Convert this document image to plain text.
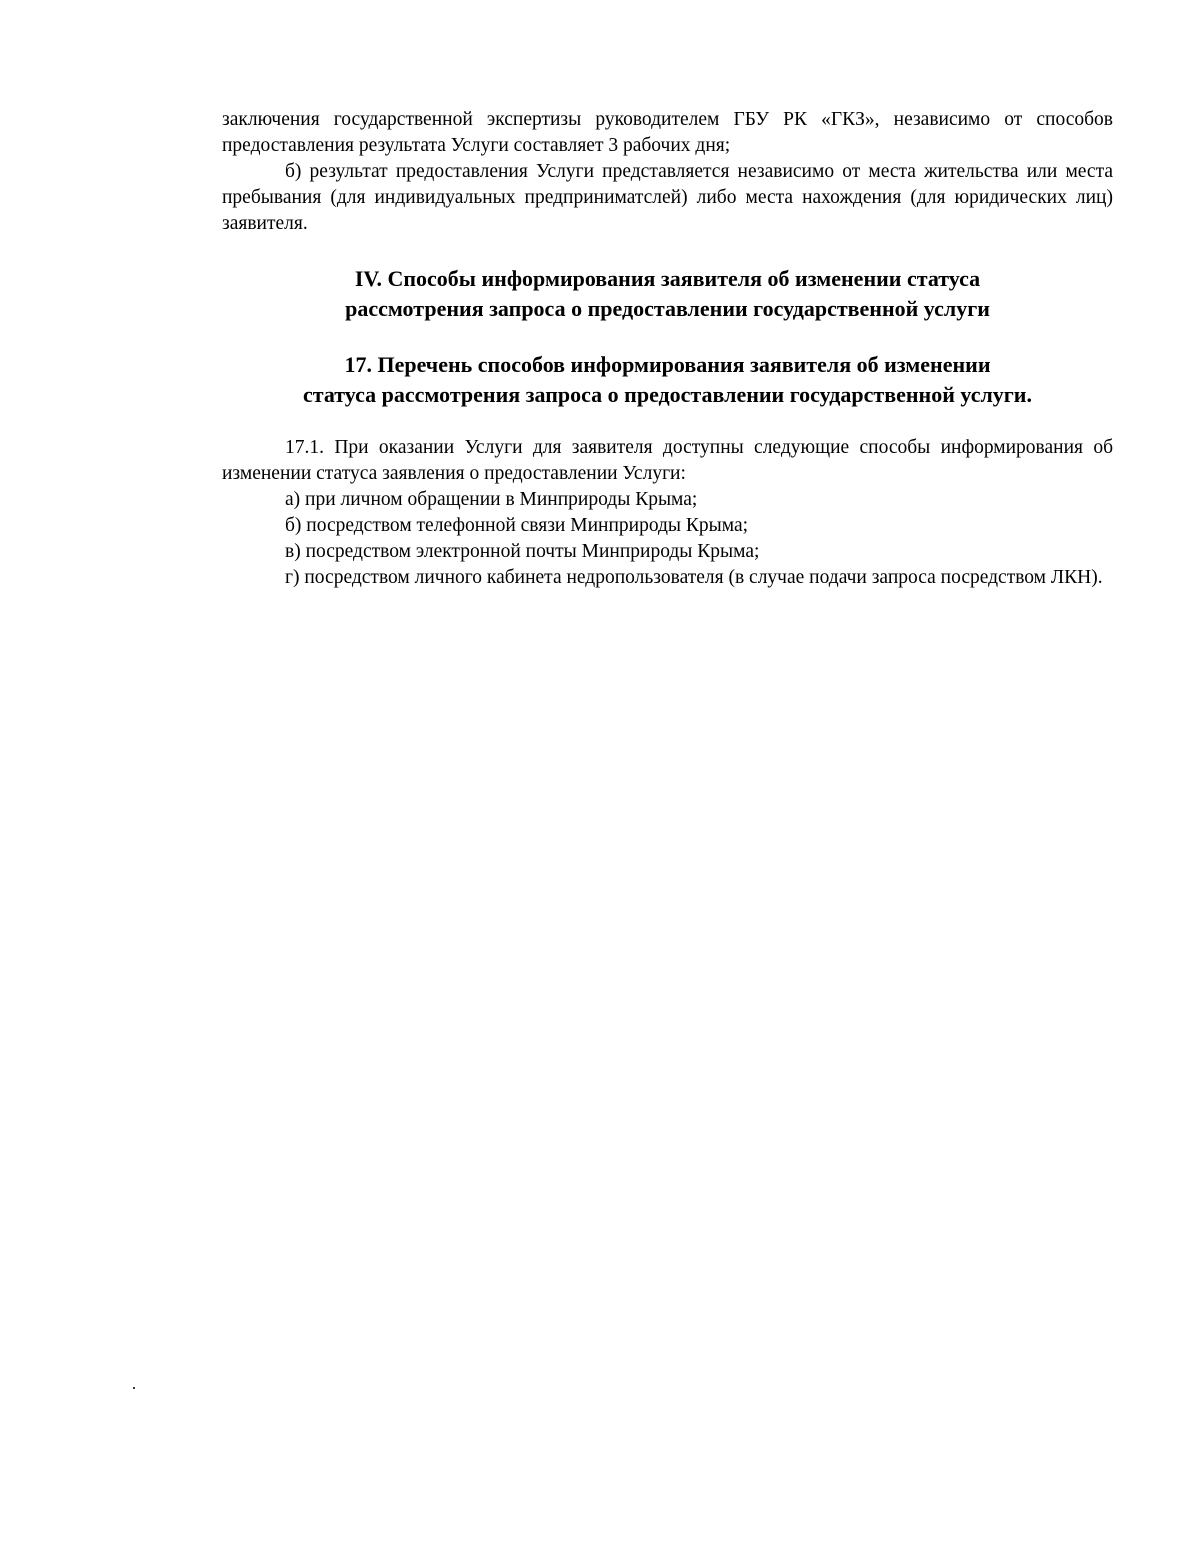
заключения государственной экспертизы руководителем ГБУ РК «ГКЗ», независимо от способов предоставления результата Услуги составляет 3 рабочих дня;

б) результат предоставления Услуги представляется независимо от места жительства или места пребывания (для индивидуальных предприниматслей) либо места нахождения (для юридических лиц) заявителя.

IV. Способы информирования заявителя об изменении статуса

рассмотрения запроса о предоставлении государственной услуги

17. Перечень способов информирования заявителя об изменении

статуса рассмотрения запроса о предоставлении государственной услуги.

17.1. При оказании Услуги для заявителя доступны следующие способы информирования об изменении статуса заявления о предоставлении Услуги:

а) при личном обращении в Минприроды Крыма;

б) посредством телефонной связи Минприроды Крыма;

в) посредством электронной почты Минприроды Крыма;

г) посредством личного кабинета недропользователя (в случае подачи запроса посредством ЛКН).
